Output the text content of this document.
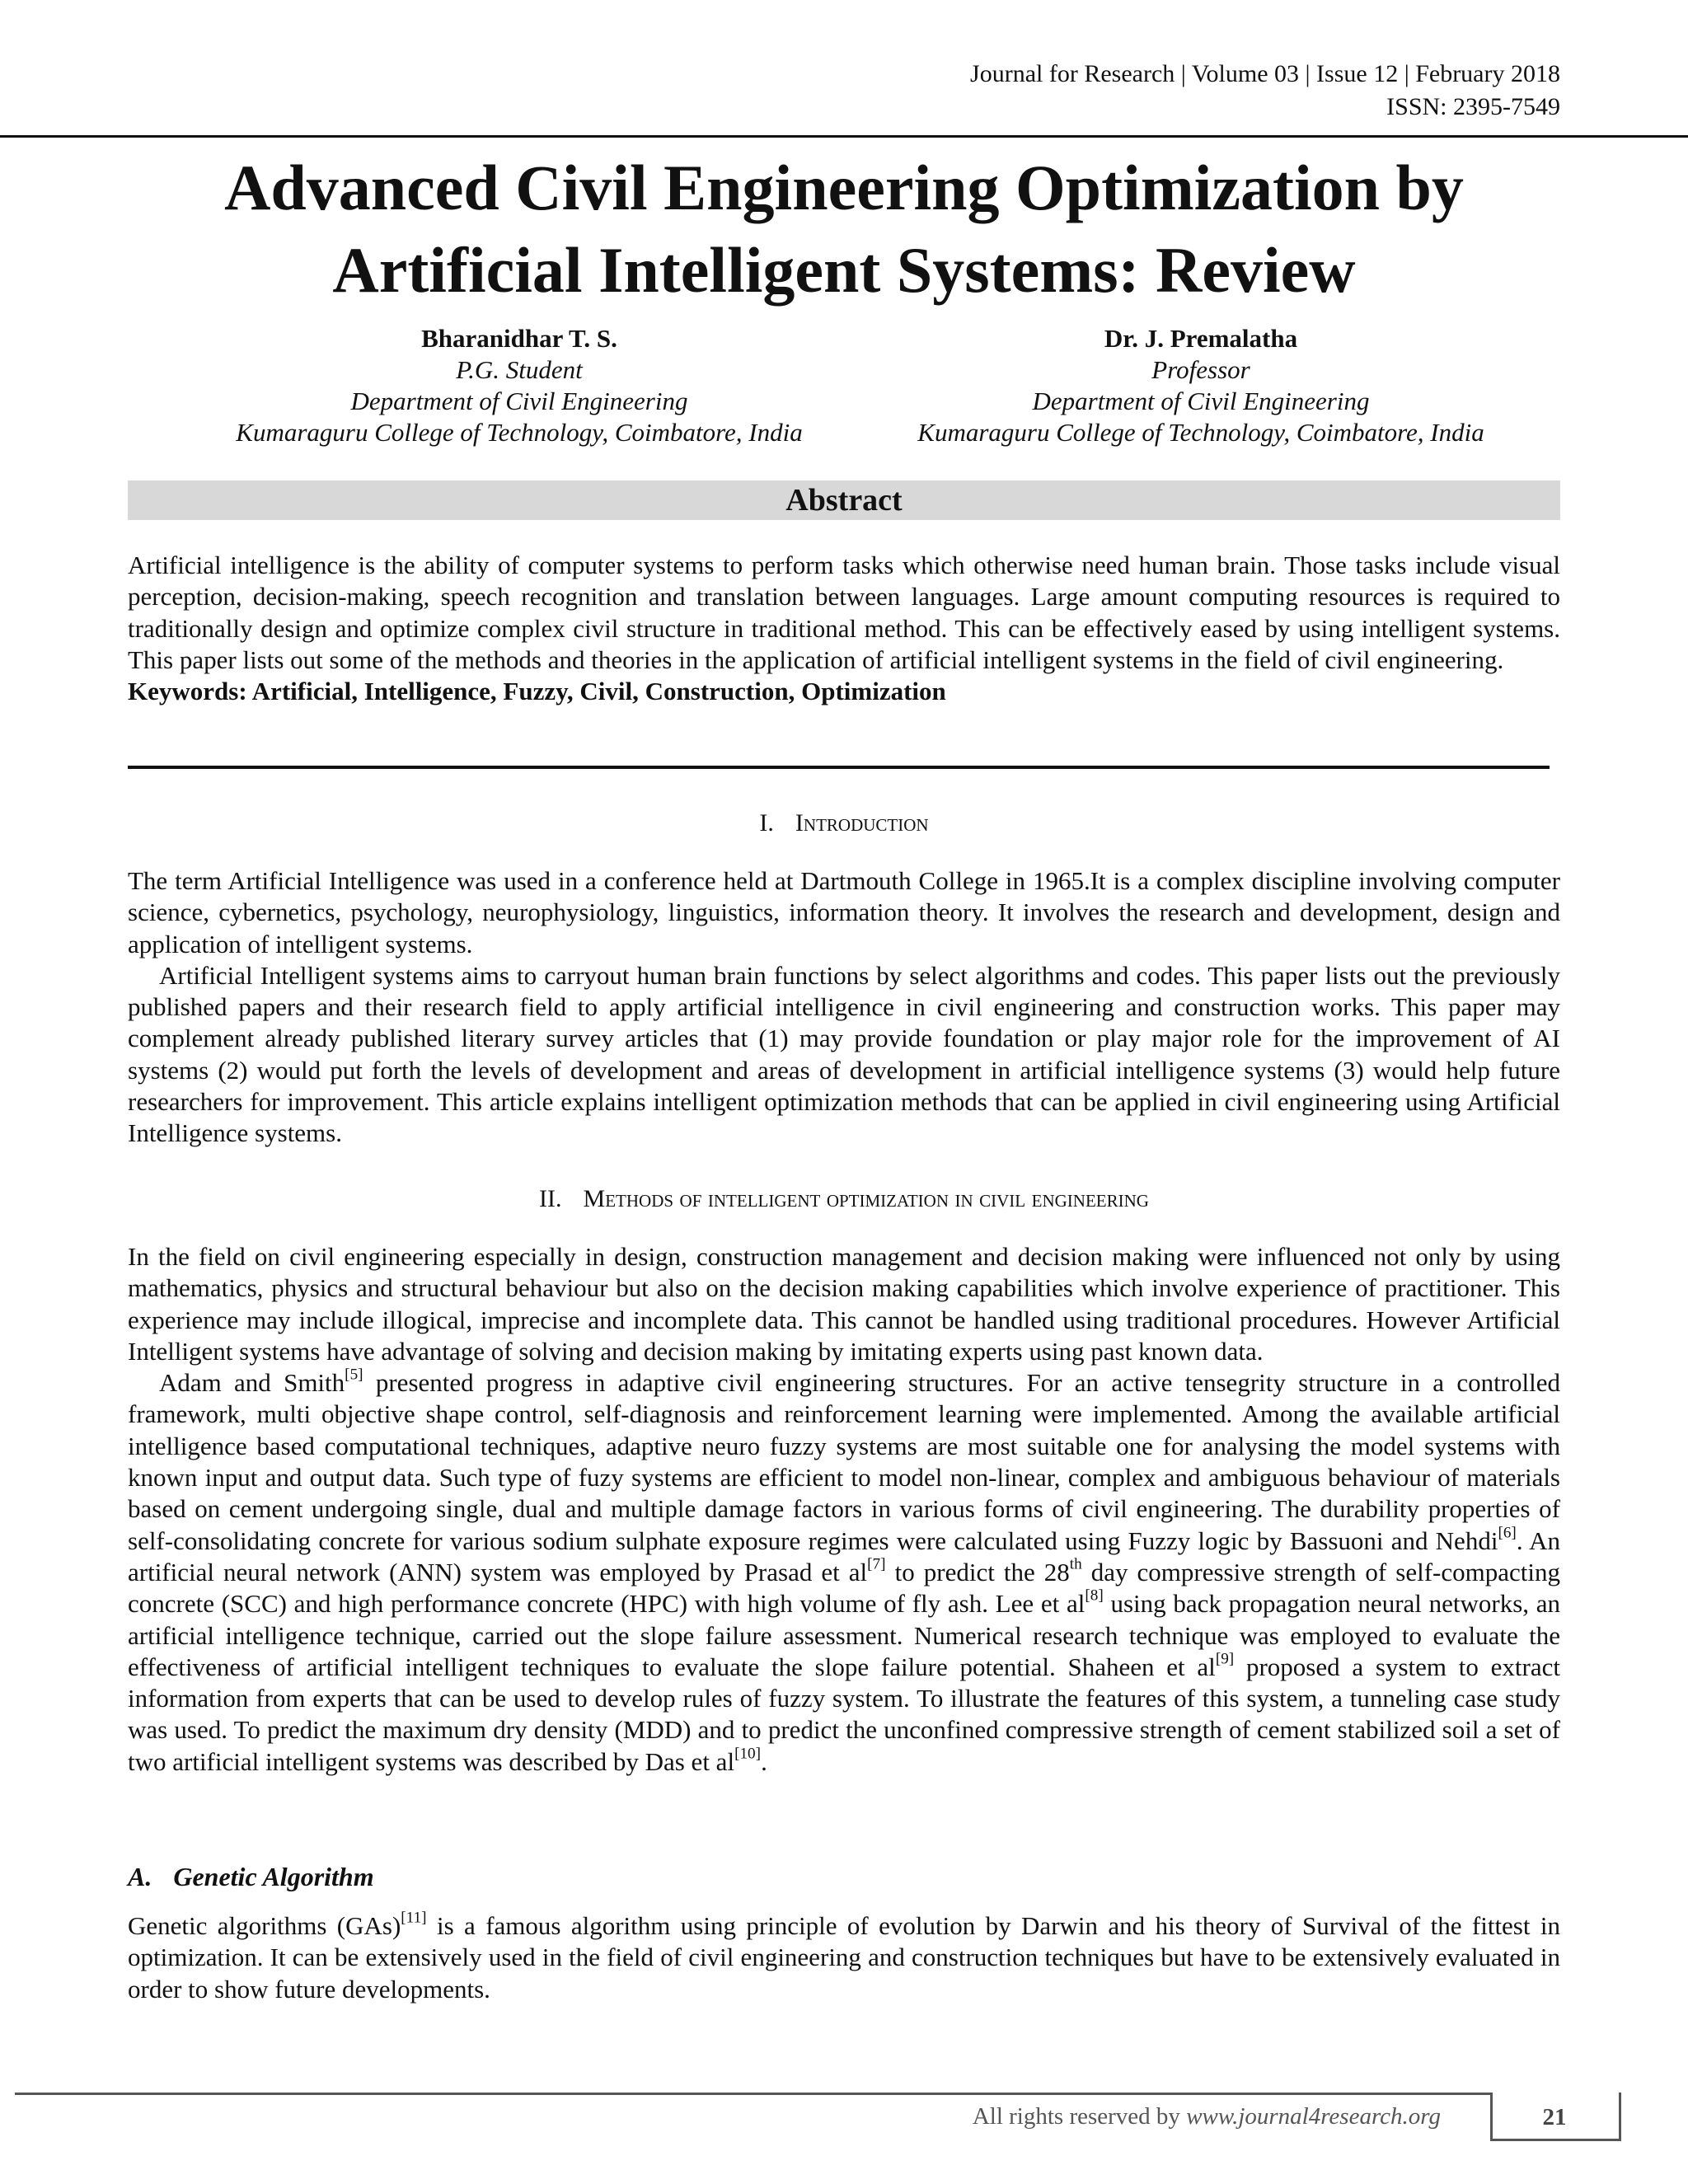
Journal for Research | Volume 03 | Issue 12 | February 2018
ISSN: 2395-7549
Advanced Civil Engineering Optimization by
Artificial Intelligent Systems: Review
Bharanidhar T. S.
P.G. Student
Department of Civil Engineering
Kumaraguru College of Technology, Coimbatore, India
Dr. J. Premalatha
Professor
Department of Civil Engineering
Kumaraguru College of Technology, Coimbatore, India
Abstract

Artificial intelligence is the ability of computer systems to perform tasks which otherwise need human brain. Those tasks include visual perception, decision-making, speech recognition and translation between languages. Large amount computing resources is required to traditionally design and optimize complex civil structure in traditional method. This can be effectively eased by using intelligent systems. This paper lists out some of the methods and theories in the application of artificial intelligent systems in the field of civil engineering.

Keywords: Artificial, Intelligence, Fuzzy, Civil, Construction, Optimization

I. Introduction

The term Artificial Intelligence was used in a conference held at Dartmouth College in 1965.It is a complex discipline involving computer science, cybernetics, psychology, neurophysiology, linguistics, information theory. It involves the research and development, design and application of intelligent systems.

Artificial Intelligent systems aims to carryout human brain functions by select algorithms and codes. This paper lists out the previously published papers and their research field to apply artificial intelligence in civil engineering and construction works. This paper may complement already published literary survey articles that (1) may provide foundation or play major role for the improvement of AI systems (2) would put forth the levels of development and areas of development in artificial intelligence systems (3) would help future researchers for improvement. This article explains intelligent optimization methods that can be applied in civil engineering using Artificial Intelligence systems.

II. Methods of intelligent optimization in civil engineering

In the field on civil engineering especially in design, construction management and decision making were influenced not only by using mathematics, physics and structural behaviour but also on the decision making capabilities which involve experience of practitioner. This experience may include illogical, imprecise and incomplete data. This cannot be handled using traditional procedures. However Artificial Intelligent systems have advantage of solving and decision making by imitating experts using past known data.

Adam and Smith[5] presented progress in adaptive civil engineering structures. For an active tensegrity structure in a controlled framework, multi objective shape control, self-diagnosis and reinforcement learning were implemented. Among the available artificial intelligence based computational techniques, adaptive neuro fuzzy systems are most suitable one for analysing the model systems with known input and output data. Such type of fuzy systems are efficient to model non-linear, complex and ambiguous behaviour of materials based on cement undergoing single, dual and multiple damage factors in various forms of civil engineering. The durability properties of self-consolidating concrete for various sodium sulphate exposure regimes were calculated using Fuzzy logic by Bassuoni and Nehdi[6]. An artificial neural network (ANN) system was employed by Prasad et al[7] to predict the 28th day compressive strength of self-compacting concrete (SCC) and high performance concrete (HPC) with high volume of fly ash. Lee et al[8] using back propagation neural networks, an artificial intelligence technique, carried out the slope failure assessment. Numerical research technique was employed to evaluate the effectiveness of artificial intelligent techniques to evaluate the slope failure potential. Shaheen et al[9] proposed a system to extract information from experts that can be used to develop rules of fuzzy system. To illustrate the features of this system, a tunneling case study was used. To predict the maximum dry density (MDD) and to predict the unconfined compressive strength of cement stabilized soil a set of two artificial intelligent systems was described by Das et al[10].

A. Genetic Algorithm

Genetic algorithms (GAs)[11] is a famous algorithm using principle of evolution by Darwin and his theory of Survival of the fittest in optimization. It can be extensively used in the field of civil engineering and construction techniques but have to be extensively evaluated in order to show future developments.

All rights reserved by www.journal4research.org	21
